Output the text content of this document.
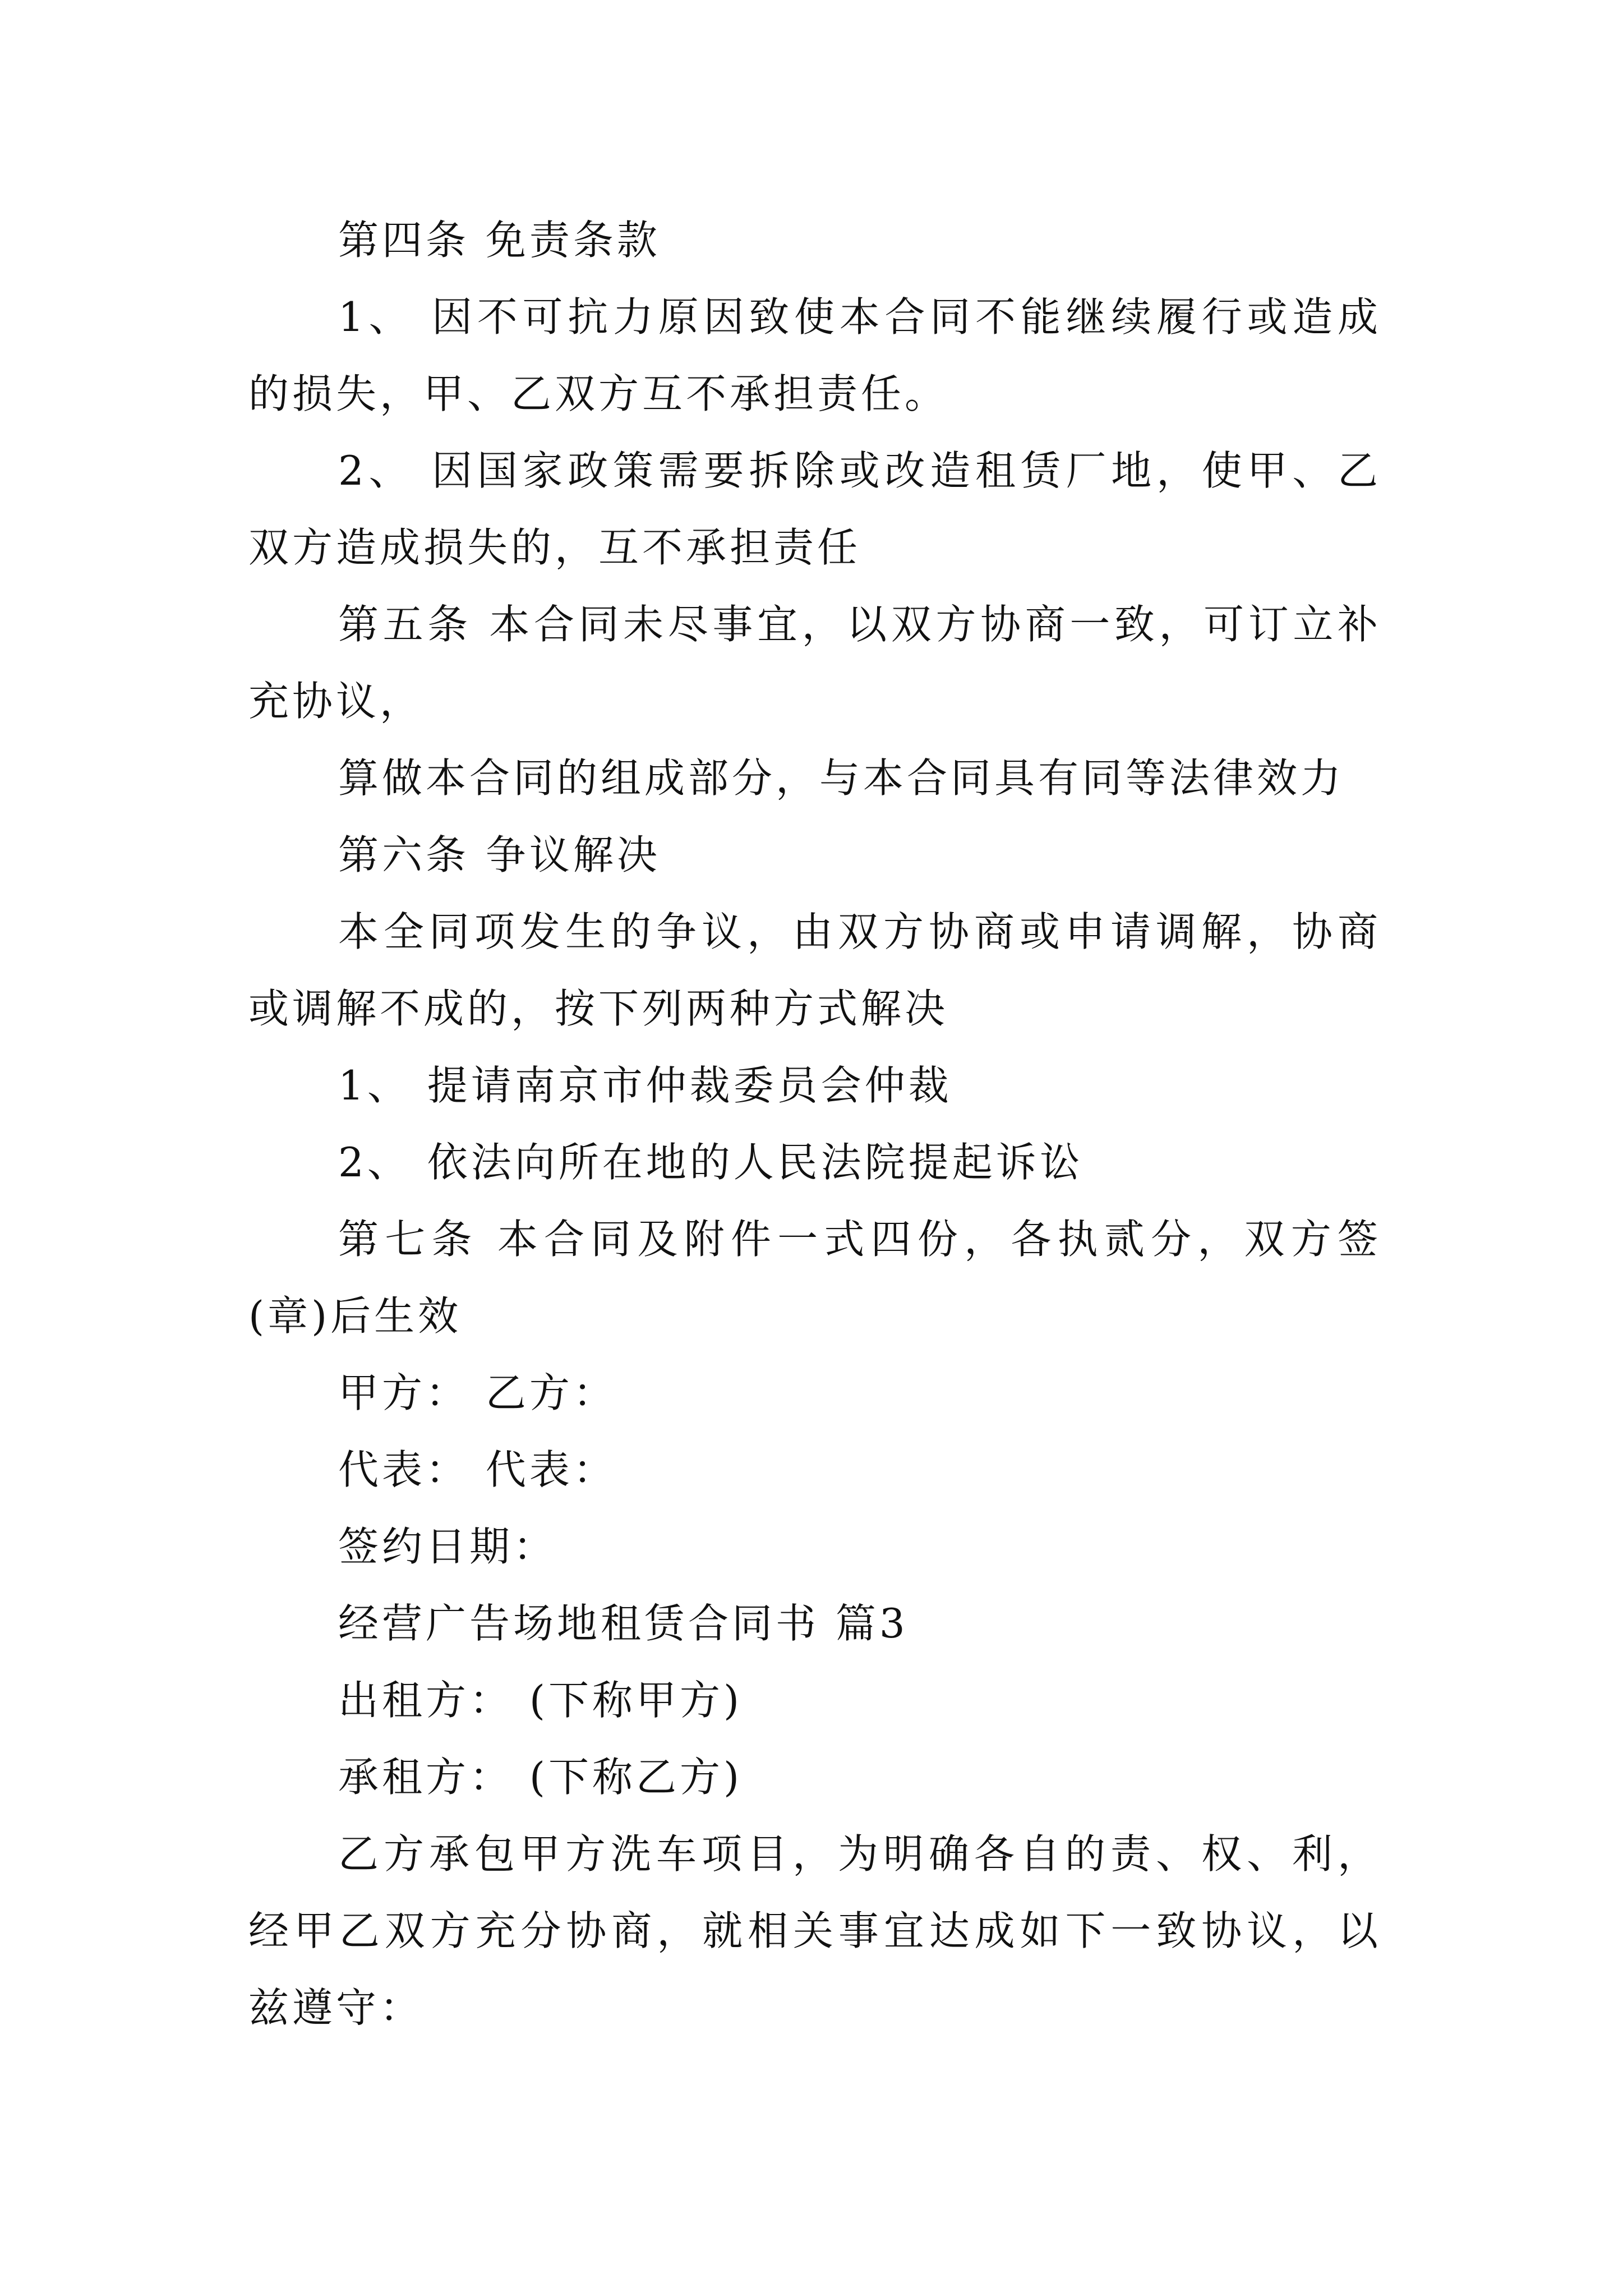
第四条 免责条款

1、 因不可抗力原因致使本合同不能继续履行或造成的损失，甲、乙双方互不承担责任。

2、 因国家政策需要拆除或改造租赁厂地，使甲、乙双方造成损失的，互不承担责任

第五条 本合同未尽事宜，以双方协商一致，可订立补充协议，

算做本合同的组成部分，与本合同具有同等法律效力

第六条 争议解决

本全同项发生的争议，由双方协商或申请调解，协商或调解不成的，按下列两种方式解决

1、 提请南京市仲裁委员会仲裁

2、 依法向所在地的人民法院提起诉讼

第七条 本合同及附件一式四份，各执贰分，双方签(章)后生效

甲方： 乙方：

代表： 代表：

签约日期：

经营广告场地租赁合同书 篇3

出租方： (下称甲方)

承租方： (下称乙方)

乙方承包甲方洗车项目，为明确各自的责、权、利，经甲乙双方充分协商，就相关事宜达成如下一致协议，以兹遵守：
